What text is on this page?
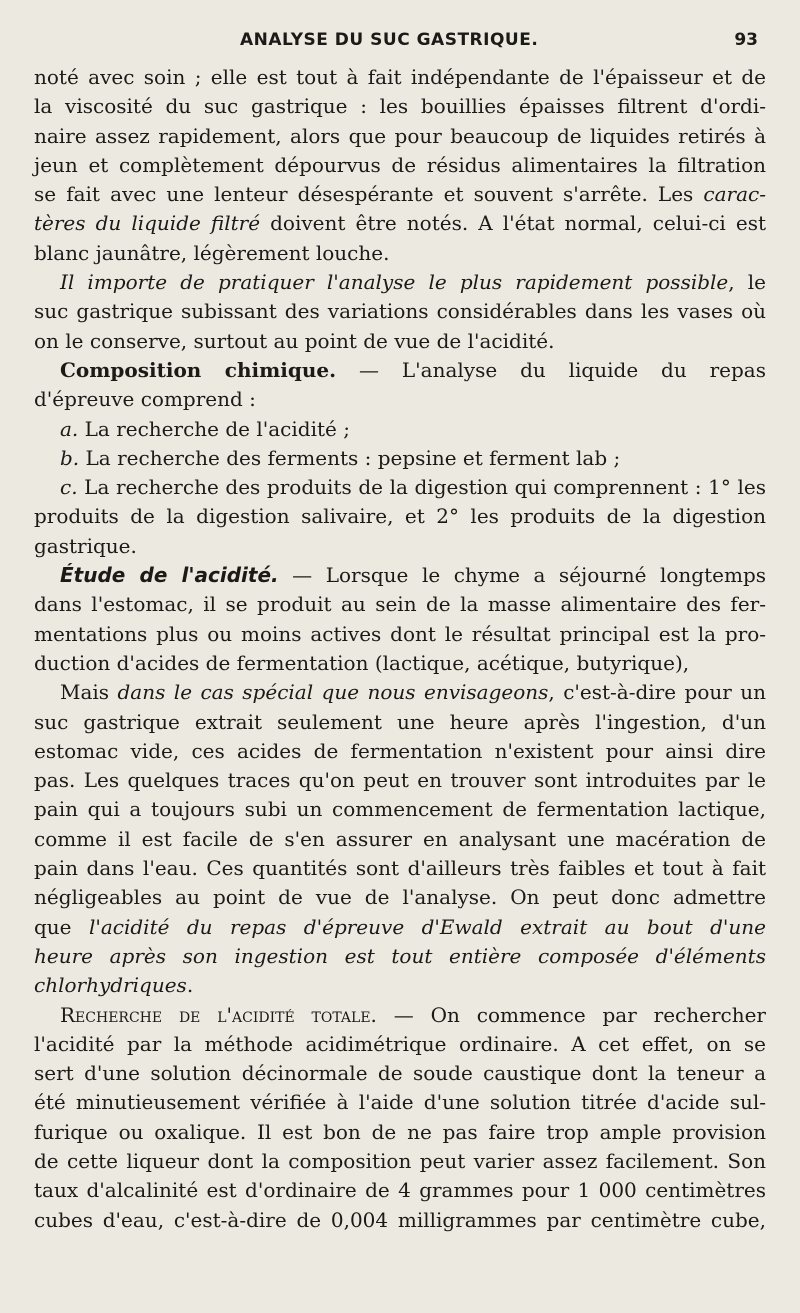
ANALYSE DU SUC GASTRIQUE.	93
noté avec soin ; elle est tout à fait indépendante de l'épaisseur et de
la viscosité du suc gastrique : les bouillies épaisses filtrent d'ordi-
naire assez rapidement, alors que pour beaucoup de liquides retirés à
jeun et complètement dépourvus de résidus alimentaires la filtration
se fait avec une lenteur désespérante et souvent s'arrête. Les carac-
tères du liquide filtré doivent être notés. A l'état normal, celui-ci est
blanc jaunâtre, légèrement louche.
Il importe de pratiquer l'analyse le plus rapidement possible, le
suc gastrique subissant des variations considérables dans les vases où
on le conserve, surtout au point de vue de l'acidité.
Composition chimique. — L'analyse du liquide du repas
d'épreuve comprend :
a. La recherche de l'acidité ;
b. La recherche des ferments : pepsine et ferment lab ;
c. La recherche des produits de la digestion qui comprennent : 1° les
produits de la digestion salivaire, et 2° les produits de la digestion
gastrique.
Étude de l'acidité. — Lorsque le chyme a séjourné longtemps
dans l'estomac, il se produit au sein de la masse alimentaire des fer-
mentations plus ou moins actives dont le résultat principal est la pro-
duction d'acides de fermentation (lactique, acétique, butyrique),
Mais dans le cas spécial que nous envisageons, c'est-à-dire pour un
suc gastrique extrait seulement une heure après l'ingestion, d'un
estomac vide, ces acides de fermentation n'existent pour ainsi dire
pas. Les quelques traces qu'on peut en trouver sont introduites par le
pain qui a toujours subi un commencement de fermentation lactique,
comme il est facile de s'en assurer en analysant une macération de
pain dans l'eau. Ces quantités sont d'ailleurs très faibles et tout à fait
négligeables au point de vue de l'analyse. On peut donc admettre
que l'acidité du repas d'épreuve d'Ewald extrait au bout d'une
heure après son ingestion est tout entière composée d'éléments
chlorhydriques.
Recherche de l'acidité totale. — On commence par rechercher
l'acidité par la méthode acidimétrique ordinaire. A cet effet, on se
sert d'une solution décinormale de soude caustique dont la teneur a
été minutieusement vérifiée à l'aide d'une solution titrée d'acide sul-
furique ou oxalique. Il est bon de ne pas faire trop ample provision
de cette liqueur dont la composition peut varier assez facilement. Son
taux d'alcalinité est d'ordinaire de 4 grammes pour 1 000 centimètres
cubes d'eau, c'est-à-dire de 0,004 milligrammes par centimètre cube,
